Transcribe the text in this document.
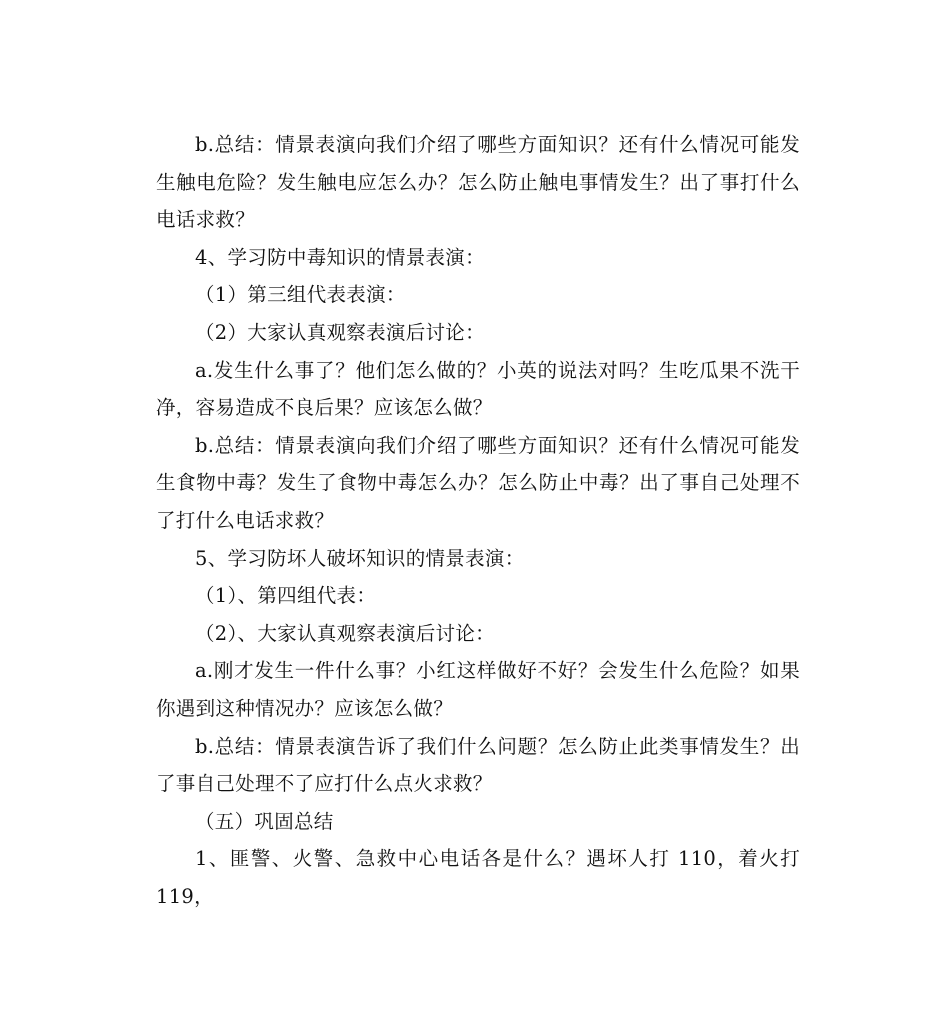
b.总结：情景表演向我们介绍了哪些方面知识？还有什么情况可能发生触电危险？发生触电应怎么办？怎么防止触电事情发生？出了事打什么电话求救？

4、学习防中毒知识的情景表演：

（1）第三组代表表演：

（2）大家认真观察表演后讨论：

a.发生什么事了？他们怎么做的？小英的说法对吗？生吃瓜果不洗干净，容易造成不良后果？应该怎么做？

b.总结：情景表演向我们介绍了哪些方面知识？还有什么情况可能发生食物中毒？发生了食物中毒怎么办？怎么防止中毒？出了事自己处理不了打什么电话求救？

5、学习防坏人破坏知识的情景表演：

（1）、第四组代表：

（2）、大家认真观察表演后讨论：

a.刚才发生一件什么事？小红这样做好不好？会发生什么危险？如果你遇到这种情况办？应该怎么做？

b.总结：情景表演告诉了我们什么问题？怎么防止此类事情发生？出了事自己处理不了应打什么点火求救？

（五）巩固总结

1、匪警、火警、急救中心电话各是什么？遇坏人打 110，着火打 119，
